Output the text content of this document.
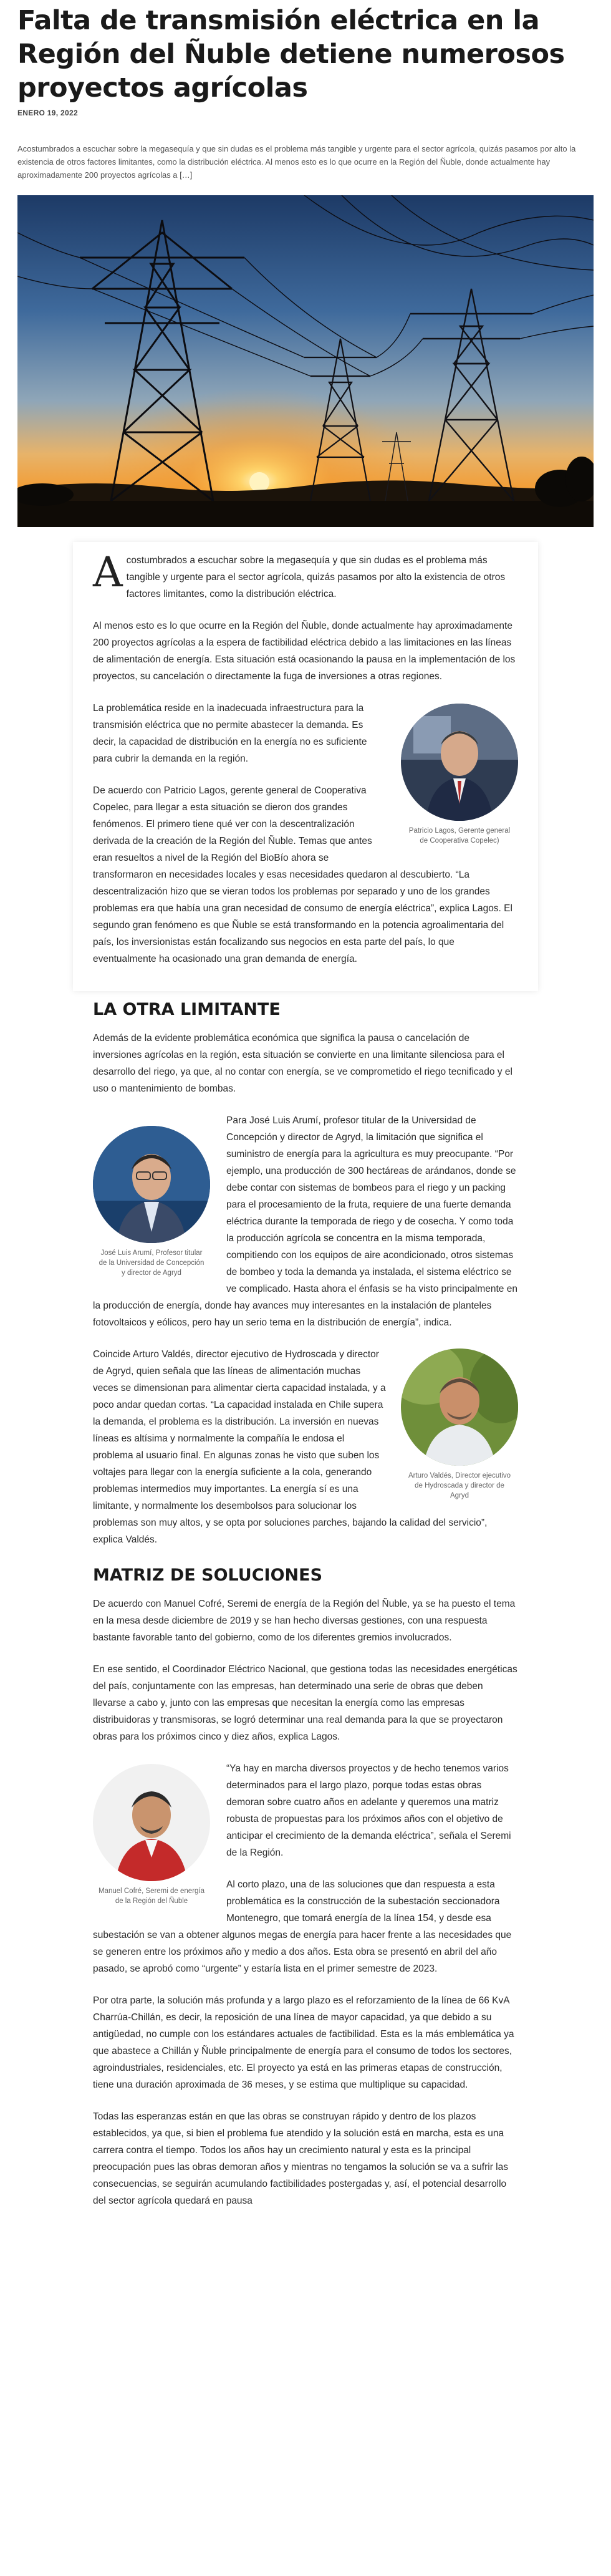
Falta de transmisión eléctrica en la Región del Ñuble detiene numerosos proyectos agrícolas
ENERO 19, 2022
Acostumbrados a escuchar sobre la megasequía y que sin dudas es el problema más tangible y urgente para el sector agrícola, quizás pasamos por alto la existencia de otros factores limitantes, como la distribución eléctrica. Al menos esto es lo que ocurre en la Región del Ñuble, donde actualmente hay aproximadamente 200 proyectos agrícolas a […]

Acostumbrados a escuchar sobre la megasequía y que sin dudas es el problema más tangible y urgente para el sector agrícola, quizás pasamos por alto la existencia de otros factores limitantes, como la distribución eléctrica.

Al menos esto es lo que ocurre en la Región del Ñuble, donde actualmente hay aproximadamente 200 proyectos agrícolas a la espera de factibilidad eléctrica debido a las limitaciones en las líneas de alimentación de energía. Esta situación está ocasionando la pausa en la implementación de los proyectos, su cancelación o directamente la fuga de inversiones a otras regiones.

Patricio Lagos, Gerente general de Cooperativa Copelec)

La problemática reside en la inadecuada infraestructura para la transmisión eléctrica que no permite abastecer la demanda. Es decir, la capacidad de distribución en la energía no es suficiente para cubrir la demanda en la región.

De acuerdo con Patricio Lagos, gerente general de Cooperativa Copelec, para llegar a esta situación se dieron dos grandes fenómenos. El primero tiene qué ver con la descentralización derivada de la creación de la Región del Ñuble. Temas que antes eran resueltos a nivel de la Región del BioBío ahora se transformaron en necesidades locales y esas necesidades quedaron al descubierto. “La descentralización hizo que se vieran todos los problemas por separado y uno de los grandes problemas era que había una gran necesidad de consumo de energía eléctrica”, explica Lagos. El segundo gran fenómeno es que Ñuble se está transformando en la potencia agroalimentaria del país, los inversionistas están focalizando sus negocios en esta parte del país, lo que eventualmente ha ocasionado una gran demanda de energía.

LA OTRA LIMITANTE

Además de la evidente problemática económica que significa la pausa o cancelación de inversiones agrícolas en la región, esta situación se convierte en una limitante silenciosa para el desarrollo del riego, ya que, al no contar con energía, se ve comprometido el riego tecnificado y el uso o mantenimiento de bombas.

José Luis Arumí, Profesor titular de la Universidad de Concepción y director de Agryd

Para José Luis Arumí, profesor titular de la Universidad de Concepción y director de Agryd, la limitación que significa el suministro de energía para la agricultura es muy preocupante. “Por ejemplo, una producción de 300 hectáreas de arándanos, donde se debe contar con sistemas de bombeos para el riego y un packing para el procesamiento de la fruta, requiere de una fuerte demanda eléctrica durante la temporada de riego y de cosecha. Y como toda la producción agrícola se concentra en la misma temporada, compitiendo con los equipos de aire acondicionado, otros sistemas de bombeo y toda la demanda ya instalada, el sistema eléctrico se ve complicado. Hasta ahora el énfasis se ha visto principalmente en la producción de energía, donde hay avances muy interesantes en la instalación de planteles fotovoltaicos y eólicos, pero hay un serio tema en la distribución de energía”, indica.

Arturo Valdés, Director ejecutivo de Hydroscada y director de Agryd

Coincide Arturo Valdés, director ejecutivo de Hydroscada y director de Agryd, quien señala que las líneas de alimentación muchas veces se dimensionan para alimentar cierta capacidad instalada, y a poco andar quedan cortas. “La capacidad instalada en Chile supera la demanda, el problema es la distribución. La inversión en nuevas líneas es altísima y normalmente la compañía le endosa el problema al usuario final. En algunas zonas he visto que suben los voltajes para llegar con la energía suficiente a la cola, generando problemas intermedios muy importantes. La energía sí es una limitante, y normalmente los desembolsos para solucionar los problemas son muy altos, y se opta por soluciones parches, bajando la calidad del servicio”, explica Valdés.

MATRIZ DE SOLUCIONES

De acuerdo con Manuel Cofré, Seremi de energía de la Región del Ñuble, ya se ha puesto el tema en la mesa desde diciembre de 2019 y se han hecho diversas gestiones, con una respuesta bastante favorable tanto del gobierno, como de los diferentes gremios involucrados.

En ese sentido, el Coordinador Eléctrico Nacional, que gestiona todas las necesidades energéticas del país, conjuntamente con las empresas, han determinado una serie de obras que deben llevarse a cabo y, junto con las empresas que necesitan la energía como las empresas distribuidoras y transmisoras, se logró determinar una real demanda para la que se proyectaron obras para los próximos cinco y diez años, explica Lagos.

Manuel Cofré, Seremi de energía de la Región del Ñuble

“Ya hay en marcha diversos proyectos y de hecho tenemos varios determinados para el largo plazo, porque todas estas obras demoran sobre cuatro años en adelante y queremos una matriz robusta de propuestas para los próximos años con el objetivo de anticipar el crecimiento de la demanda eléctrica”, señala el Seremi de la Región.

Al corto plazo, una de las soluciones que dan respuesta a esta problemática es la construcción de la subestación seccionadora Montenegro, que tomará energía de la línea 154, y desde esa subestación se van a obtener algunos megas de energía para hacer frente a las necesidades que se generen entre los próximos año y medio a dos años. Esta obra se presentó en abril del año pasado, se aprobó como “urgente” y estaría lista en el primer semestre de 2023.

Por otra parte, la solución más profunda y a largo plazo es el reforzamiento de la línea de 66 KvA Charrúa-Chillán, es decir, la reposición de una línea de mayor capacidad, ya que debido a su antigüedad, no cumple con los estándares actuales de factibilidad. Esta es la más emblemática ya que abastece a Chillán y Ñuble principalmente de energía para el consumo de todos los sectores, agroindustriales, residenciales, etc. El proyecto ya está en las primeras etapas de construcción, tiene una duración aproximada de 36 meses, y se estima que multiplique su capacidad.

Todas las esperanzas están en que las obras se construyan rápido y dentro de los plazos establecidos, ya que, si bien el problema fue atendido y la solución está en marcha, esta es una carrera contra el tiempo. Todos los años hay un crecimiento natural y esta es la principal preocupación pues las obras demoran años y mientras no tengamos la solución se va a sufrir las consecuencias, se seguirán acumulando factibilidades postergadas y, así, el potencial desarrollo del sector agrícola quedará en pausa
